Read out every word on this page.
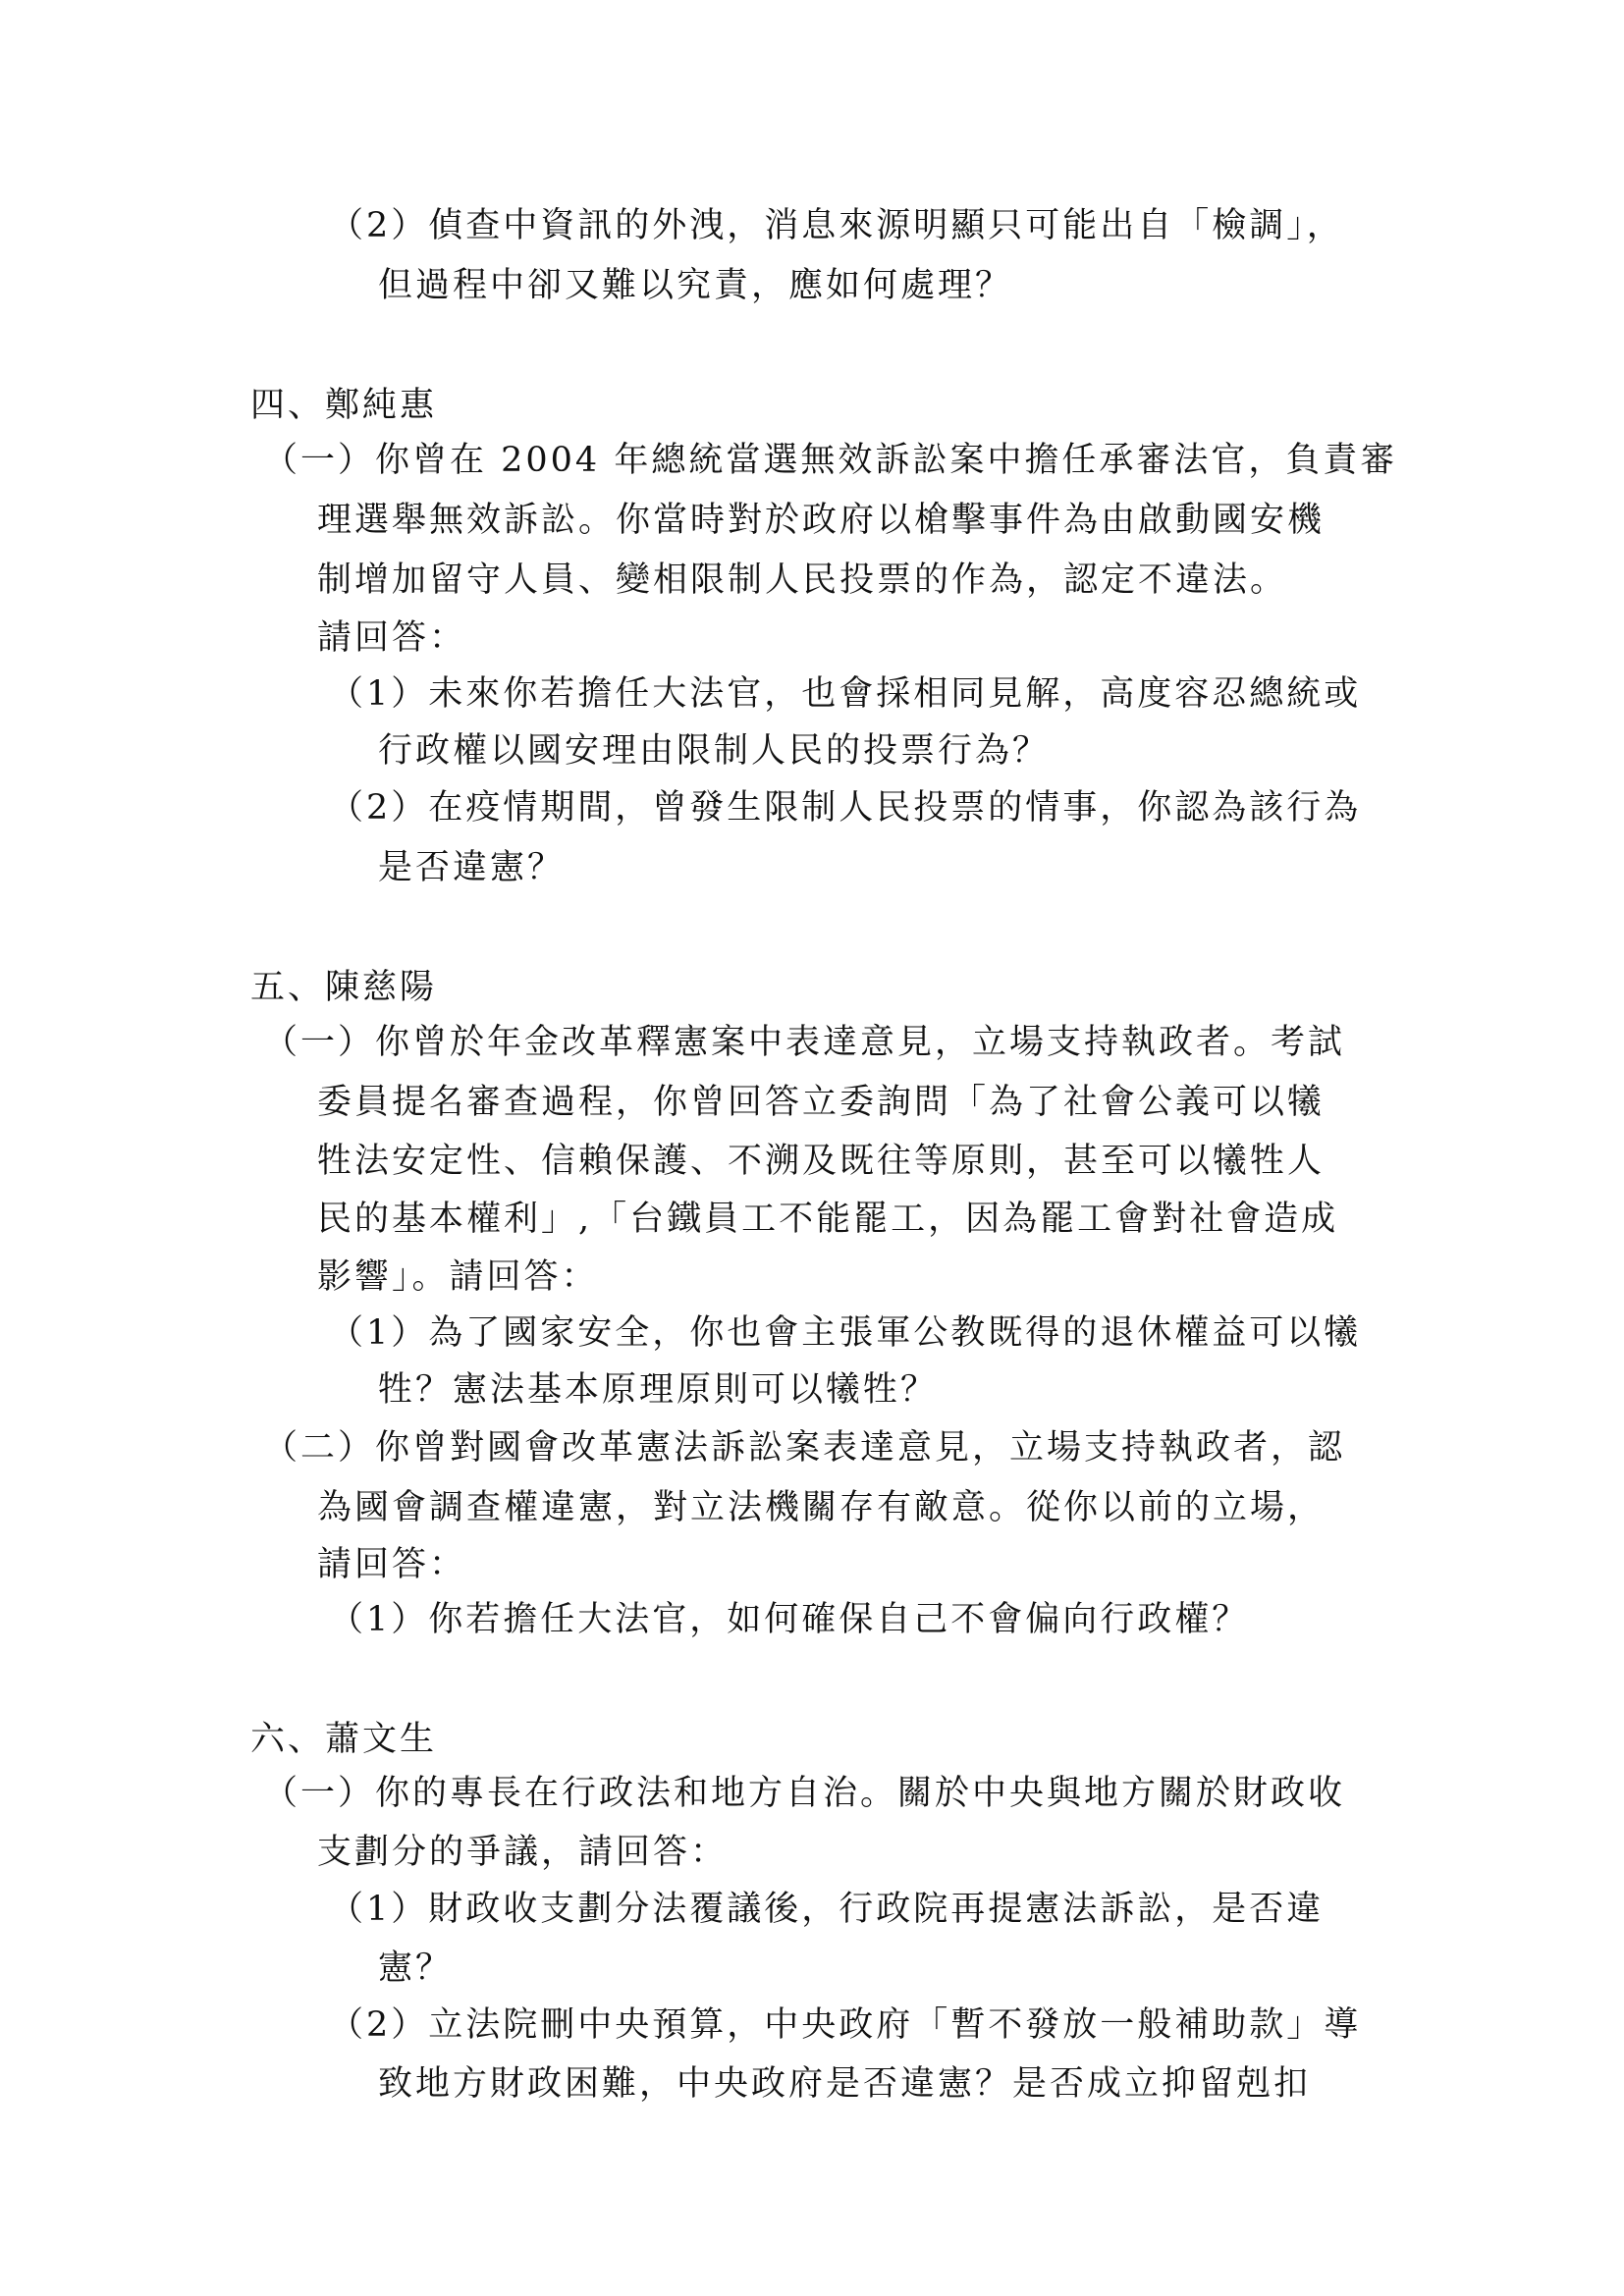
（2）偵查中資訊的外洩，消息來源明顯只可能出自「檢調」，
但過程中卻又難以究責，應如何處理？
四、鄭純惠
（一）你曾在 2004 年總統當選無效訴訟案中擔任承審法官，負責審
理選舉無效訴訟。你當時對於政府以槍擊事件為由啟動國安機
制增加留守人員、變相限制人民投票的作為，認定不違法。
請回答：
（1）未來你若擔任大法官，也會採相同見解，高度容忍總統或
行政權以國安理由限制人民的投票行為？
（2）在疫情期間，曾發生限制人民投票的情事，你認為該行為
是否違憲？
五、陳慈陽
（一）你曾於年金改革釋憲案中表達意見，立場支持執政者。考試
委員提名審查過程，你曾回答立委詢問「為了社會公義可以犧
牲法安定性、信賴保護、不溯及既往等原則，甚至可以犧牲人
民的基本權利」,「台鐵員工不能罷工，因為罷工會對社會造成
影響」。請回答：
（1）為了國家安全，你也會主張軍公教既得的退休權益可以犧
牲？憲法基本原理原則可以犧牲？
（二）你曾對國會改革憲法訴訟案表達意見，立場支持執政者，認
為國會調查權違憲，對立法機關存有敵意。從你以前的立場，
請回答：
（1）你若擔任大法官，如何確保自己不會偏向行政權？
六、蕭文生
（一）你的專長在行政法和地方自治。關於中央與地方關於財政收
支劃分的爭議，請回答：
（1）財政收支劃分法覆議後，行政院再提憲法訴訟，是否違
憲？
（2）立法院刪中央預算，中央政府「暫不發放一般補助款」導
致地方財政困難，中央政府是否違憲？是否成立抑留剋扣
